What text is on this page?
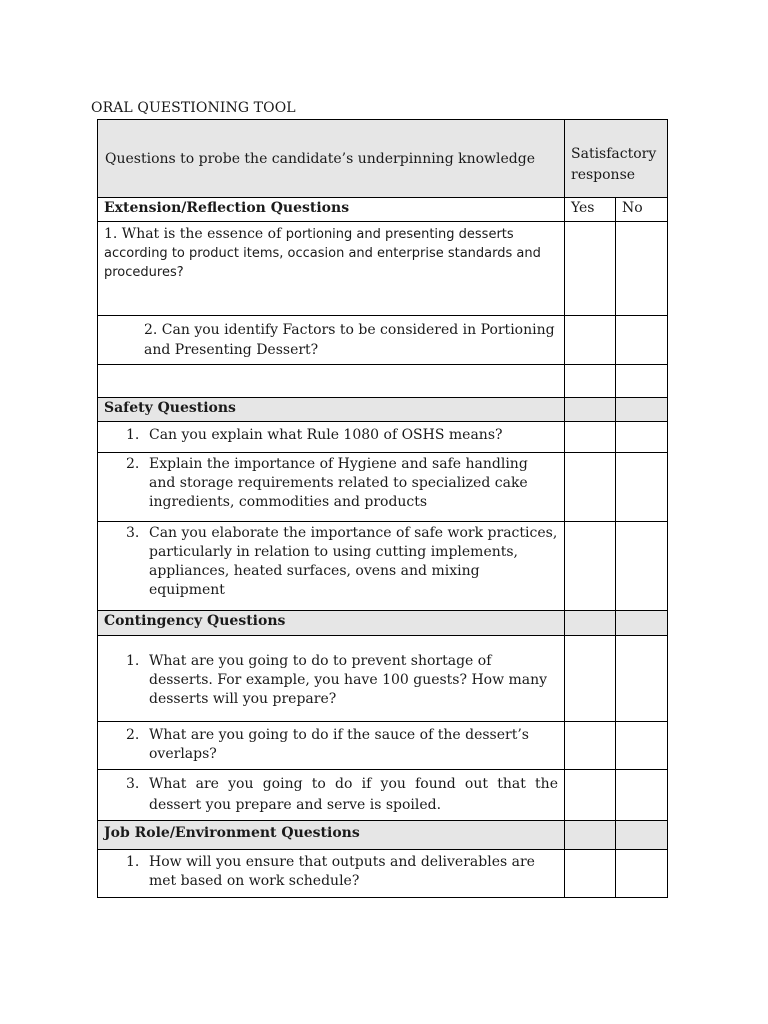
ORAL QUESTIONING TOOL
Questions to probe the candidate’s underpinning knowledge	Satisfactory response	
Extension/Reflection Questions	Yes	No
1. What is the essence of portioning and presenting desserts according to product items, occasion and enterprise standards and procedures?		
2. Can you identify Factors to be considered in Portioning and Presenting Dessert?		

Safety Questions		

1. Can you explain what Rule 1080 of OSHS means?		

2. Explain the importance of Hygiene and safe handling and storage requirements related to specialized cake ingredients, commodities and products		

3. Can you elaborate the importance of safe work practices, particularly in relation to using cutting implements, appliances, heated surfaces, ovens and mixing equipment		

Contingency Questions		

1. What are you going to do to prevent shortage of desserts. For example, you have 100 guests? How many desserts will you prepare?		

2. What are you going to do if the sauce of the dessert’s overlaps?		

3. What are you going to do if you found out that the dessert you prepare and serve is spoiled.		

Job Role/Environment Questions		

1. How will you ensure that outputs and deliverables are met based on work schedule?		
